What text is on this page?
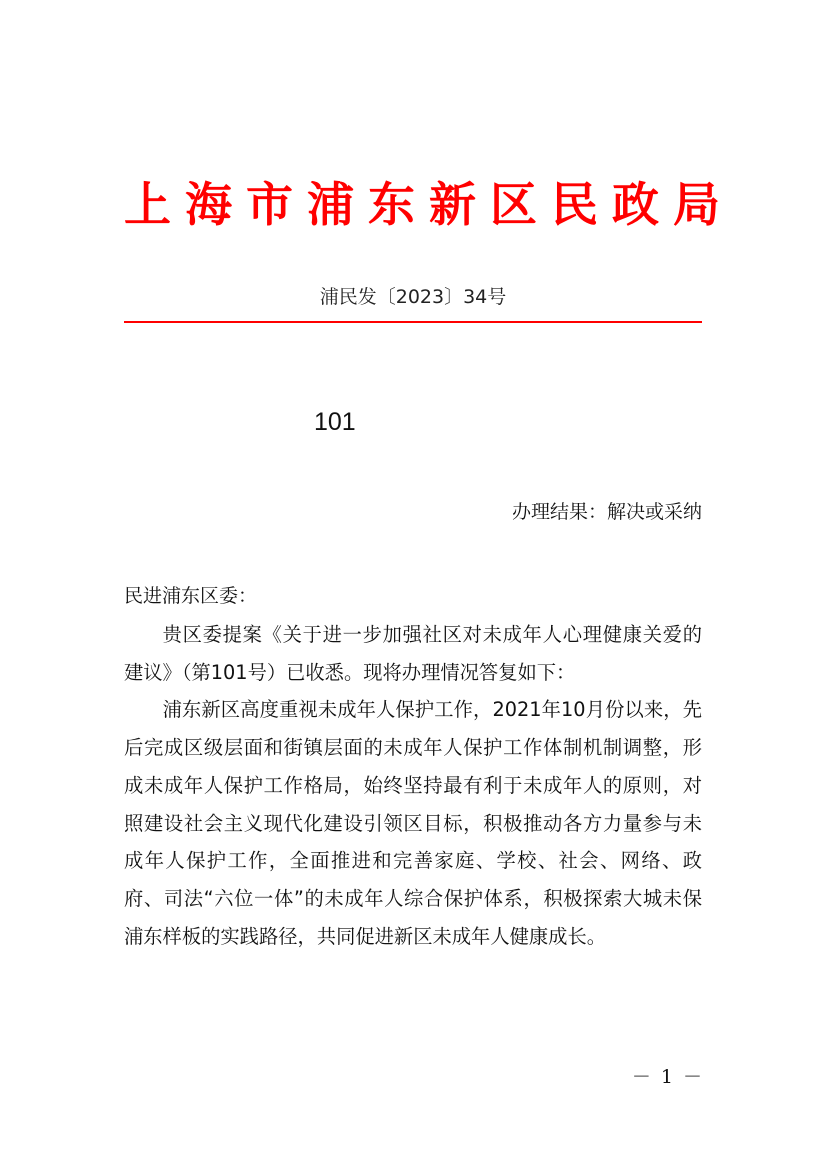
上海市浦东新区民政局
浦民发〔2023〕34号
101
办理结果：解决或采纳
民进浦东区委：

贵区委提案《关于进一步加强社区对未成年人心理健康关爱的建议》（第101号）已收悉。现将办理情况答复如下：

浦东新区高度重视未成年人保护工作，2021年10月份以来，先后完成区级层面和街镇层面的未成年人保护工作体制机制调整，形成未成年人保护工作格局，始终坚持最有利于未成年人的原则，对照建设社会主义现代化建设引领区目标，积极推动各方力量参与未成年人保护工作，全面推进和完善家庭、学校、社会、网络、政府、司法“六位一体”的未成年人综合保护体系，积极探索大城未保浦东样板的实践路径，共同促进新区未成年人健康成长。

－ 1 －
